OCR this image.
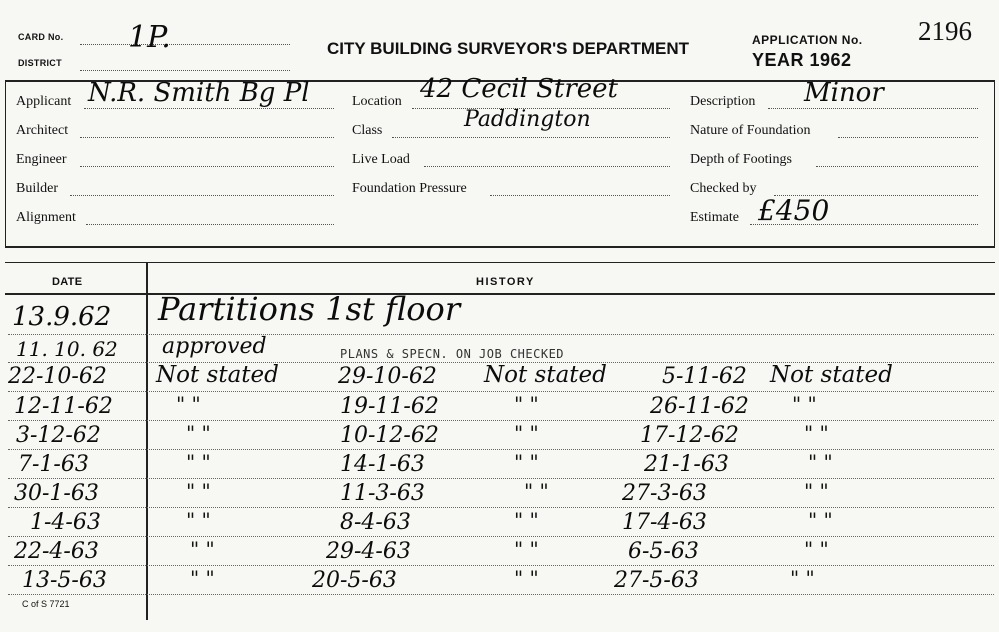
CARD No. 1P.
DISTRICT
CITY BUILDING SURVEYOR'S DEPARTMENT	APPLICATION No. 2196
YEAR 1962
Applicant N.R. Smith Bg Pl
Architect
Engineer
Builder
Alignment
Location 42 Cecil Street
Class	Paddington
Live Load
Foundation Pressure
Description Minor
Nature of Foundation
Depth of Footings
Checked by
Estimate £450
DATE	HISTORY
13.9.62 Partitions 1st floor
11. 10. 62 approved	PLANS & SPECN. ON JOB CHECKED
22-10-62 Not stated	29-10-62 Not stated	5-11-62 Not stated
12-11-62	" "	19-11-62	" "	26-11-62 " "
3-12-62	" "	10-12-62	" "	17-12-62	" "
7-1-63	" "	14-1-63	" "	21-1-63	" "
30-1-63	" "	11-3-63	" "	27-3-63	" "
1-4-63	" "	8-4-63	" "	17-4-63	" "
22-4-63	" "	29-4-63	" "	6-5-63	" "
13-5-63	" "	20-5-63	" "	27-5-63	" "
C of S 7721
